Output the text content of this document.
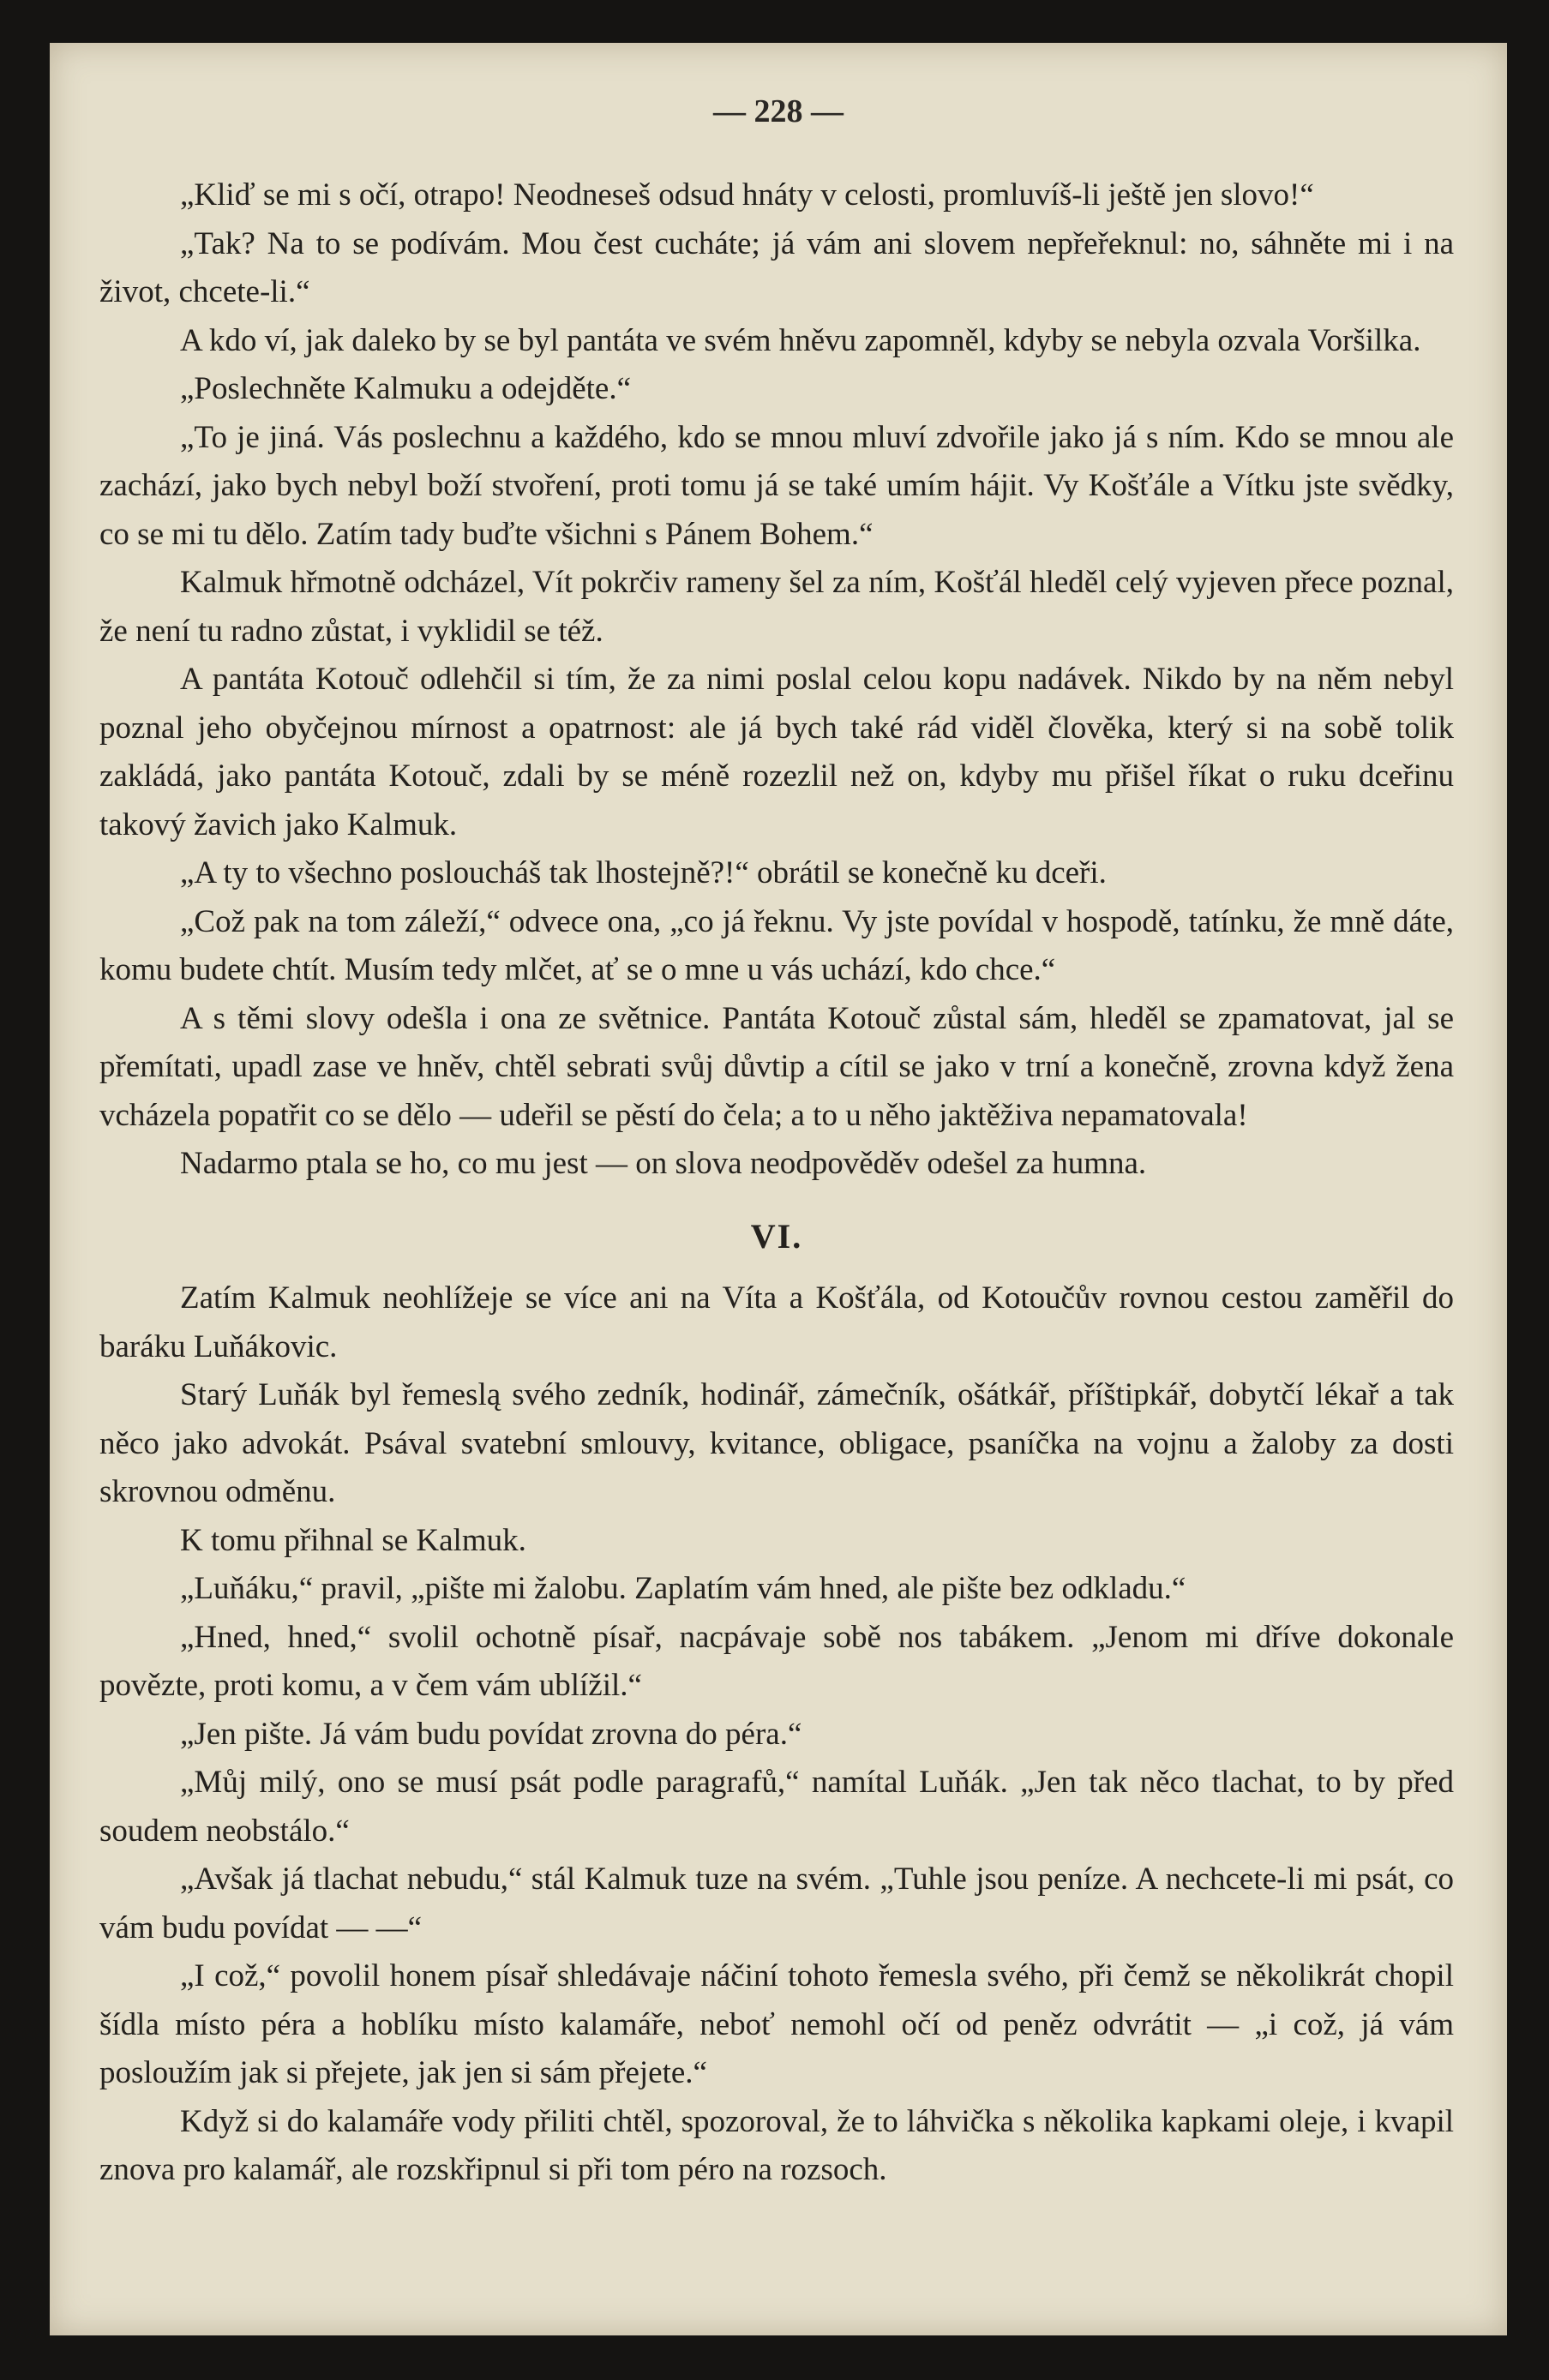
— 228 —

„Kliď se mi s očí, otrapo! Neodneseš odsud hnáty v celosti, promluvíš-li ještě jen slovo!“

„Tak? Na to se podívám. Mou čest cucháte; já vám ani slovem nepřeřeknul: no, sáhněte mi i na život, chcete-li.“

A kdo ví, jak daleko by se byl pantáta ve svém hněvu zapomněl, kdyby se nebyla ozvala Voršilka.

„Poslechněte Kalmuku a odejděte.“

„To je jiná. Vás poslechnu a každého, kdo se mnou mluví zdvořile jako já s ním. Kdo se mnou ale zachází, jako bych nebyl boží stvoření, proti tomu já se také umím hájit. Vy Košťále a Vítku jste svědky, co se mi tu dělo. Zatím tady buďte všichni s Pánem Bohem.“

Kalmuk hřmotně odcházel, Vít pokrčiv rameny šel za ním, Košťál hleděl celý vyjeven přece poznal, že není tu radno zůstat, i vyklidil se též.

A pantáta Kotouč odlehčil si tím, že za nimi poslal celou kopu nadávek. Nikdo by na něm nebyl poznal jeho obyčejnou mírnost a opatrnost: ale já bych také rád viděl člověka, který si na sobě tolik zakládá, jako pantáta Kotouč, zdali by se méně rozezlil než on, kdyby mu přišel říkat o ruku dceřinu takový žavich jako Kalmuk.

„A ty to všechno posloucháš tak lhostejně?!“ obrátil se konečně ku dceři.

„Což pak na tom záleží,“ odvece ona, „co já řeknu. Vy jste povídal v hospodě, tatínku, že mně dáte, komu budete chtít. Musím tedy mlčet, ať se o mne u vás uchází, kdo chce.“

A s těmi slovy odešla i ona ze světnice. Pantáta Kotouč zůstal sám, hleděl se zpamatovat, jal se přemítati, upadl zase ve hněv, chtěl sebrati svůj důvtip a cítil se jako v trní a konečně, zrovna když žena vcházela popatřit co se dělo — udeřil se pěstí do čela; a to u něho jaktěživa nepamatovala!

Nadarmo ptala se ho, co mu jest — on slova neodpověděv odešel za humna.

VI.

Zatím Kalmuk neohlížeje se více ani na Víta a Košťála, od Kotoučův rovnou cestou zaměřil do baráku Luňákovic.

Starý Luňák byl řemeslą svého zedník, hodinář, zámečník, ošátkář, příštipkář, dobytčí lékař a tak něco jako advokát. Psával svatební smlouvy, kvitance, obligace, psaníčka na vojnu a žaloby za dosti skrovnou odměnu.

K tomu přihnal se Kalmuk.

„Luňáku,“ pravil, „pište mi žalobu. Zaplatím vám hned, ale pište bez odkladu.“

„Hned, hned,“ svolil ochotně písař, nacpávaje sobě nos tabákem. „Jenom mi dříve dokonale povězte, proti komu, a v čem vám ublížil.“

„Jen pište. Já vám budu povídat zrovna do péra.“

„Můj milý, ono se musí psát podle paragrafů,“ namítal Luňák. „Jen tak něco tlachat, to by před soudem neobstálo.“

„Avšak já tlachat nebudu,“ stál Kalmuk tuze na svém. „Tuhle jsou peníze. A nechcete-li mi psát, co vám budu povídat — —“

„I což,“ povolil honem písař shledávaje náčiní tohoto řemesla svého, při čemž se několikrát chopil šídla místo péra a hoblíku místo kalamáře, neboť nemohl očí od peněz odvrátit — „i což, já vám posloužím jak si přejete, jak jen si sám přejete.“

Když si do kalamáře vody přiliti chtěl, spozoroval, že to láhvička s několika kapkami oleje, i kvapil znova pro kalamář, ale rozskřipnul si při tom péro na rozsoch.
